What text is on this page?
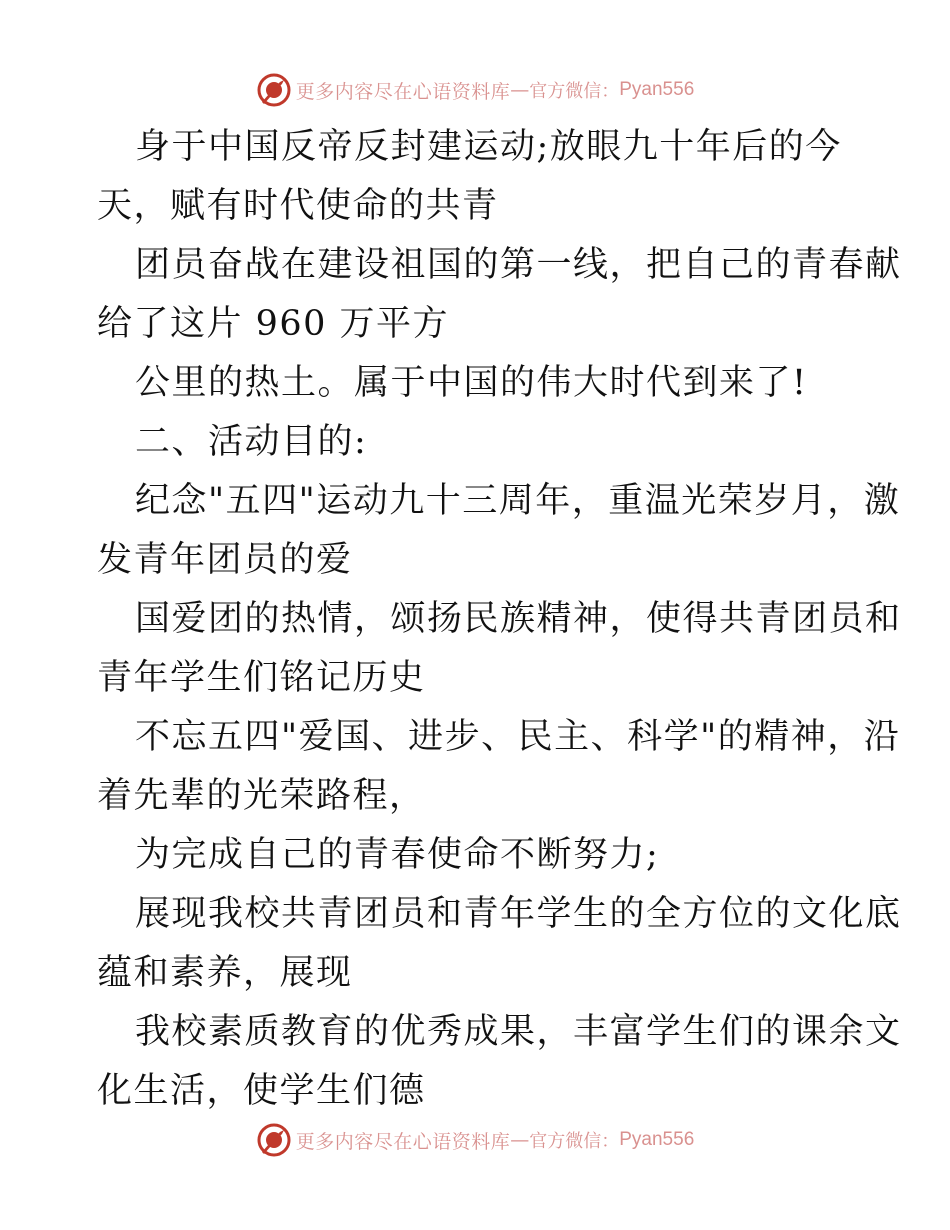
更多内容尽在心语资料库 — 官方微信： Pyan556
身于中国反帝反封建运动;放眼九十年后的今
天，赋有时代使命的共青
团员奋战在建设祖国的第一线，把自己的青春献
给了这片 960 万平方
公里的热土。属于中国的伟大时代到来了!
二、活动目的:
纪念"五四"运动九十三周年，重温光荣岁月，激
发青年团员的爱
国爱团的热情，颂扬民族精神，使得共青团员和
青年学生们铭记历史
不忘五四"爱国、进步、民主、科学"的精神，沿
着先辈的光荣路程，
为完成自己的青春使命不断努力;
展现我校共青团员和青年学生的全方位的文化底
蕴和素养，展现
我校素质教育的优秀成果，丰富学生们的课余文
化生活，使学生们德
更多内容尽在心语资料库 — 官方微信： Pyan556
